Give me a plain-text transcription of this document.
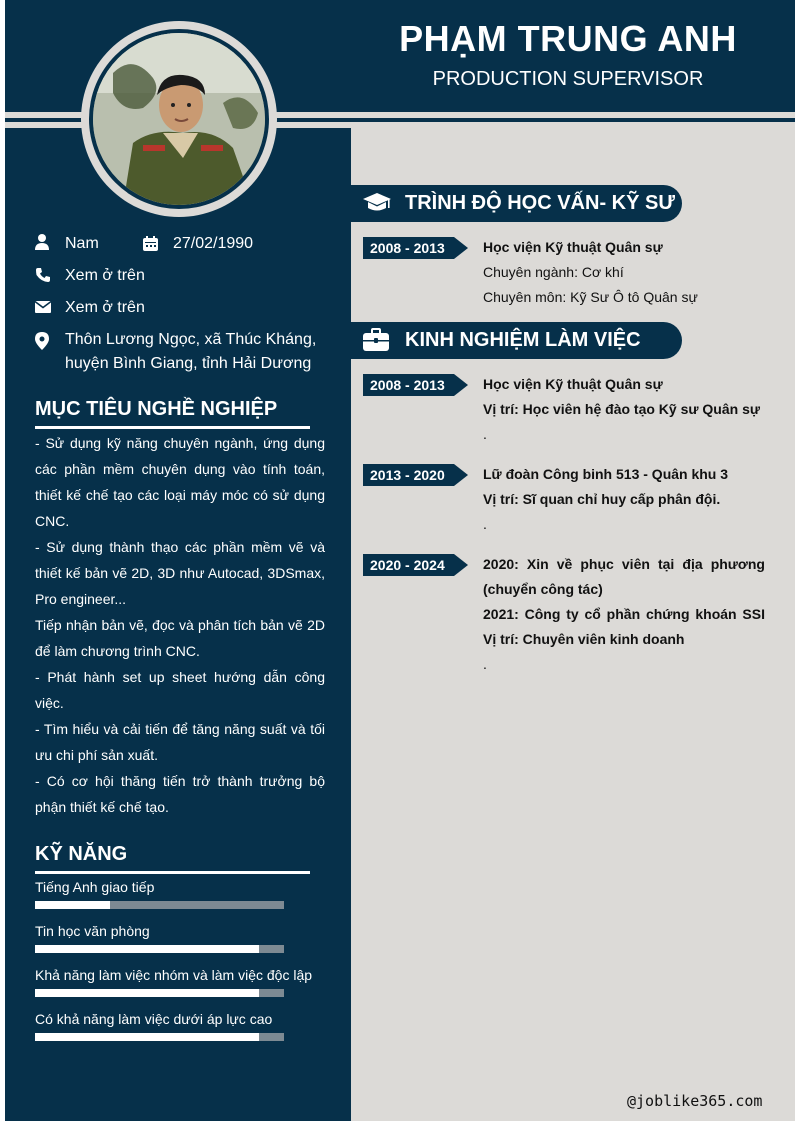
PHẠM TRUNG ANH
PRODUCTION SUPERVISOR
Nam	27/02/1990
Xem ở trên
Xem ở trên
Thôn Lương Ngọc, xã Thúc Kháng,
huyện Bình Giang, tỉnh Hải Dương
MỤC TIÊU NGHỀ NGHIỆP

- Sử dụng kỹ năng chuyên ngành, ứng dụng các phần mềm chuyên dụng vào tính toán, thiết kế chế tạo các loại máy móc có sử dụng CNC.

- Sử dụng thành thạo các phần mềm vẽ và thiết kế bản vẽ 2D, 3D như Autocad, 3DSmax, Pro engineer...

Tiếp nhận bản vẽ, đọc và phân tích bản vẽ 2D để làm chương trình CNC.

- Phát hành set up sheet hướng dẫn công việc.

- Tìm hiểu và cải tiến để tăng năng suất và tối ưu chi phí sản xuất.

- Có cơ hội thăng tiến trở thành trưởng bộ phận thiết kế chế tạo.

KỸ NĂNG
Tiếng Anh giao tiếp
Tin học văn phòng
Khả năng làm việc nhóm và làm việc độc lập
Có khả năng làm việc dưới áp lực cao
TRÌNH ĐỘ HỌC VẤN- KỸ SƯ
2008 - 2013	Học viện Kỹ thuật Quân sự
Chuyên ngành: Cơ khí
Chuyên môn: Kỹ Sư Ô tô Quân sự
KINH NGHIỆM LÀM VIỆC
2008 - 2013	Học viện Kỹ thuật Quân sự
Vị trí: Học viên hệ đào tạo Kỹ sư Quân sự
.
2013 - 2020	Lữ đoàn Công binh 513 - Quân khu 3
Vị trí: Sĩ quan chỉ huy cấp phân đội.
.
2020 - 2024	2020: Xin về phục viên tại địa phương (chuyển công tác)
2021: Công ty cổ phần chứng khoán SSI Vị trí: Chuyên viên kinh doanh
.
@joblike365.com
